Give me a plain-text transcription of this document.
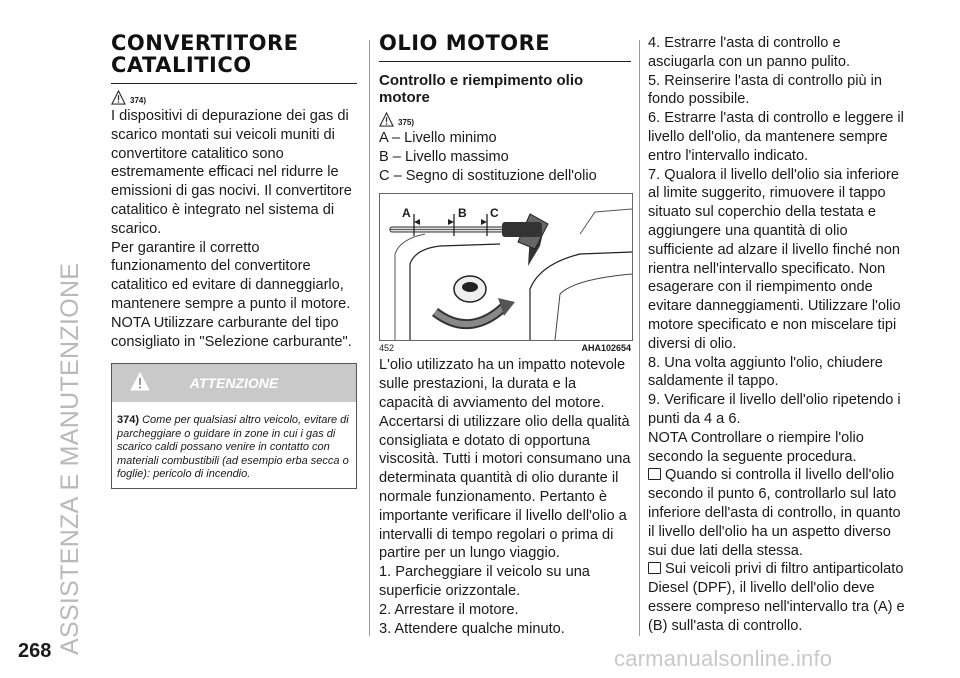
ASSISTENZA E MANUTENZIONE
CONVERTITORE
CATALITICO
374)

I dispositivi di depurazione dei gas di scarico montati sui veicoli muniti di convertitore catalitico sono estremamente efficaci nel ridurre le emissioni di gas nocivi. Il convertitore catalitico è integrato nel sistema di scarico.

Per garantire il corretto funzionamento del convertitore catalitico ed evitare di danneggiarlo, mantenere sempre a punto il motore.

NOTA Utilizzare carburante del tipo consigliato in "Selezione carburante".

ATTENZIONE
374) Come per qualsiasi altro veicolo, evitare di parcheggiare o guidare in zone in cui i gas di scarico caldi possano venire in contatto con materiali combustibili (ad esempio erba secca o foglie): pericolo di incendio.
OLIO MOTORE
Controllo e riempimento olio motore
375)

A – Livello minimo

B – Livello massimo

C – Segno di sostituzione dell'olio

A	B C
452	AHA102654

L'olio utilizzato ha un impatto notevole sulle prestazioni, la durata e la capacità di avviamento del motore. Accertarsi di utilizzare olio della qualità consigliata e dotato di opportuna viscosità. Tutti i motori consumano una determinata quantità di olio durante il normale funzionamento. Pertanto è importante verificare il livello dell'olio a intervalli di tempo regolari o prima di partire per un lungo viaggio.

1. Parcheggiare il veicolo su una superficie orizzontale.

2. Arrestare il motore.

3. Attendere qualche minuto.

4. Estrarre l'asta di controllo e asciugarla con un panno pulito.

5. Reinserire l'asta di controllo più in fondo possibile.

6. Estrarre l'asta di controllo e leggere il livello dell'olio, da mantenere sempre entro l'intervallo indicato.

7. Qualora il livello dell'olio sia inferiore al limite suggerito, rimuovere il tappo situato sul coperchio della testata e aggiungere una quantità di olio sufficiente ad alzare il livello finché non rientra nell'intervallo specificato. Non esagerare con il riempimento onde evitare danneggiamenti. Utilizzare l'olio motore specificato e non miscelare tipi diversi di olio.

8. Una volta aggiunto l'olio, chiudere saldamente il tappo.

9. Verificare il livello dell'olio ripetendo i punti da 4 a 6.

NOTA Controllare o riempire l'olio secondo la seguente procedura.

Quando si controlla il livello dell'olio secondo il punto 6, controllarlo sul lato inferiore dell'asta di controllo, in quanto il livello dell'olio ha un aspetto diverso sui due lati della stessa.

Sui veicoli privi di filtro antiparticolato Diesel (DPF), il livello dell'olio deve essere compreso nell'intervallo tra (A) e (B) sull'asta di controllo.

268	carmanualsonline.info
